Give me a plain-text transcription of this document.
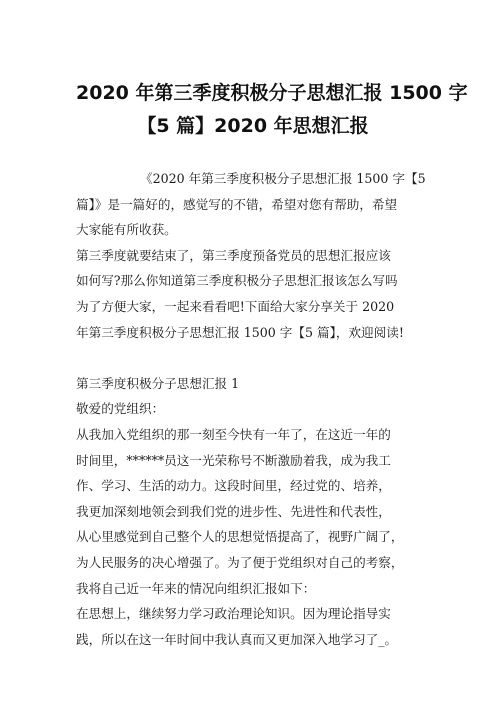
2020 年第三季度积极分子思想汇报 1500 字
【5 篇】2020 年思想汇报

《2020 年第三季度积极分子思想汇报 1500 字【5
篇】》是一篇好的，感觉写的不错，希望对您有帮助，希望
大家能有所收获。

第三季度就要结束了，第三季度预备党员的思想汇报应该
如何写?那么你知道第三季度积极分子思想汇报该怎么写吗
为了方便大家，一起来看看吧!下面给大家分享关于 2020
年第三季度积极分子思想汇报 1500 字【5 篇】，欢迎阅读!

第三季度积极分子思想汇报 1

敬爱的党组织：

从我加入党组织的那一刻至今快有一年了，在这近一年的
时间里，******员这一光荣称号不断激励着我，成为我工
作、学习、生活的动力。这段时间里，经过党的、培养，
我更加深刻地领会到我们党的进步性、先进性和代表性，
从心里感觉到自己整个人的思想觉悟提高了，视野广阔了，
为人民服务的决心增强了。为了便于党组织对自己的考察，
我将自己近一年来的情况向组织汇报如下：

在思想上，继续努力学习政治理论知识。因为理论指导实
践，所以在这一年时间中我认真而又更加深入地学习了_。
